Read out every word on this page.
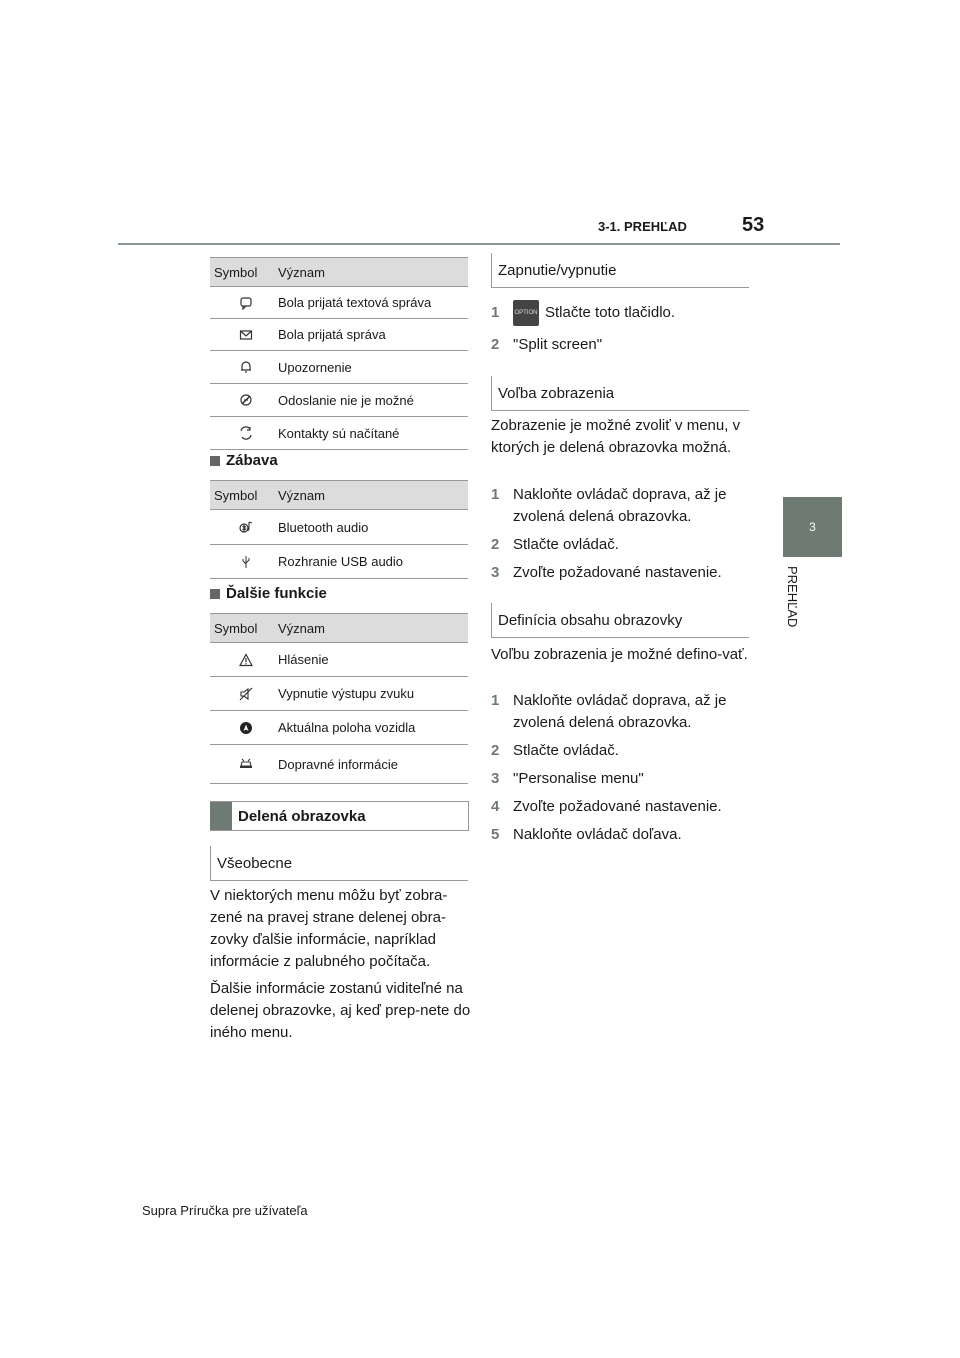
3-1. PREHĽAD	53
3
PREHĽAD
Symbol	Význam
Bola prijatá textová správa
Bola prijatá správa
Upozornenie
Odoslanie nie je možné
Kontakty sú načítané
Zábava
Symbol	Význam
Bluetooth audio
Rozhranie USB audio
Ďalšie funkcie
Symbol	Význam
Hlásenie
Vypnutie výstupu zvuku
Aktuálna poloha vozidla
Dopravné informácie
Delená obrazovka
Všeobecne
V niektorých menu môžu byť zobra-zené na pravej strane delenej obra-zovky ďalšie informácie, napríklad informácie z palubného počítača.
Ďalšie informácie zostanú viditeľné na delenej obrazovke, aj keď prep-nete do iného menu.
Zapnutie/vypnutie
1	OPTION Stlačte toto tlačidlo.
2 "Split screen"
Voľba zobrazenia
Zobrazenie je možné zvoliť v menu, v ktorých je delená obrazovka možná.
1 Nakloňte ovládač doprava, až je zvolená delená obrazovka.
2 Stlačte ovládač.
3 Zvoľte požadované nastavenie.
Definícia obsahu obrazovky
Voľbu zobrazenia je možné defino-vať.
1 Nakloňte ovládač doprava, až je zvolená delená obrazovka.
2 Stlačte ovládač.
3 "Personalise menu"
4 Zvoľte požadované nastavenie.
5 Nakloňte ovládač doľava.
Supra Príručka pre užívateľa
